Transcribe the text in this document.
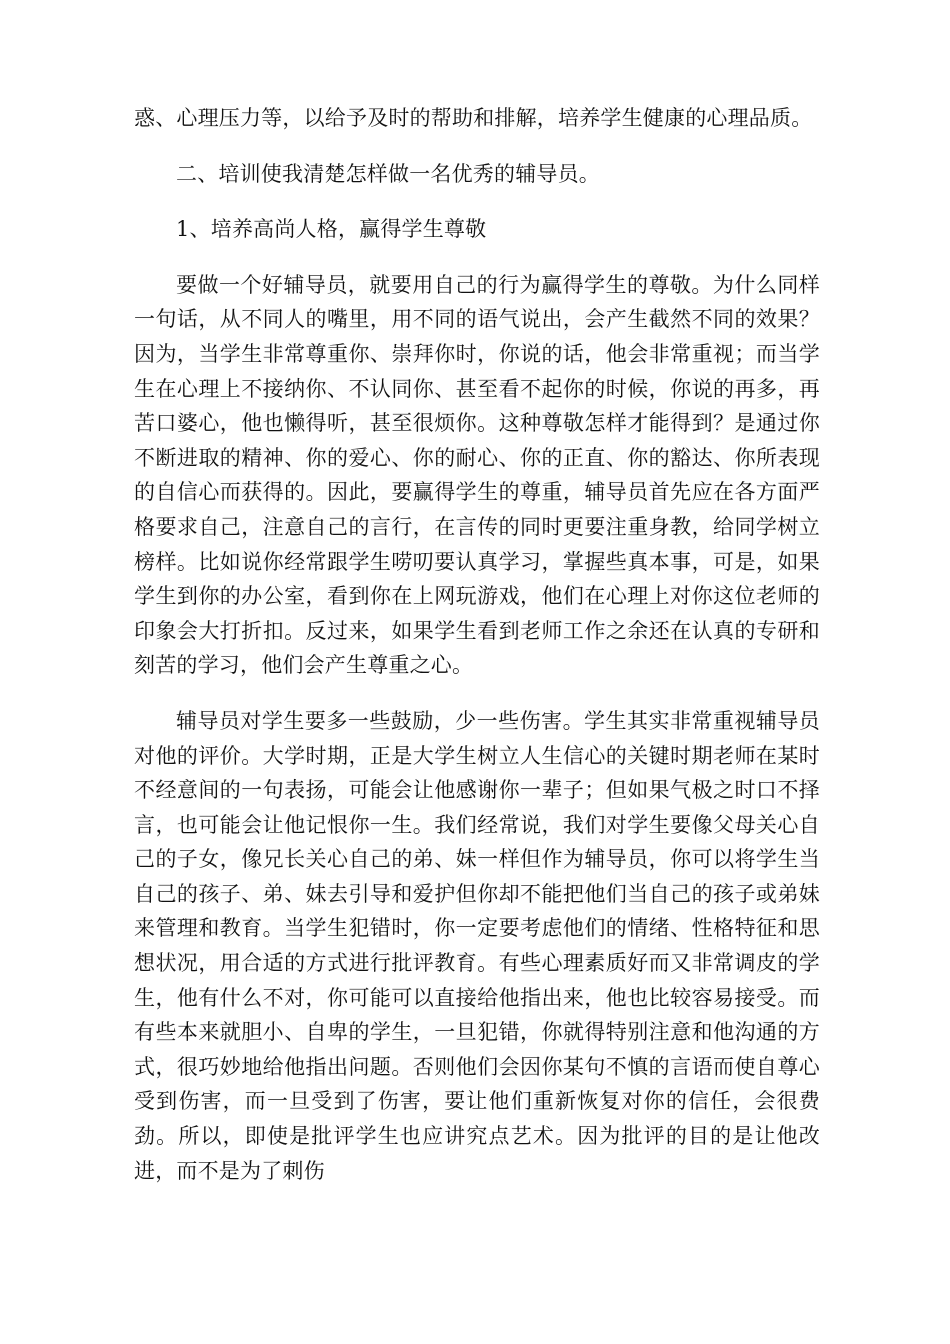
惑、心理压力等，以给予及时的帮助和排解，培养学生健康的心理品质。

二、培训使我清楚怎样做一名优秀的辅导员。

1、培养高尚人格，赢得学生尊敬

要做一个好辅导员，就要用自己的行为赢得学生的尊敬。为什么同样一句话，从不同人的嘴里，用不同的语气说出，会产生截然不同的效果？因为，当学生非常尊重你、崇拜你时，你说的话，他会非常重视；而当学生在心理上不接纳你、不认同你、甚至看不起你的时候，你说的再多，再苦口婆心，他也懒得听，甚至很烦你。这种尊敬怎样才能得到？是通过你不断进取的精神、你的爱心、你的耐心、你的正直、你的豁达、你所表现的自信心而获得的。因此，要赢得学生的尊重，辅导员首先应在各方面严格要求自己，注意自己的言行，在言传的同时更要注重身教，给同学树立榜样。比如说你经常跟学生唠叨要认真学习，掌握些真本事，可是，如果学生到你的办公室，看到你在上网玩游戏，他们在心理上对你这位老师的印象会大打折扣。反过来，如果学生看到老师工作之余还在认真的专研和刻苦的学习，他们会产生尊重之心。

辅导员对学生要多一些鼓励，少一些伤害。学生其实非常重视辅导员对他的评价。大学时期，正是大学生树立人生信心的关键时期老师在某时不经意间的一句表扬，可能会让他感谢你一辈子；但如果气极之时口不择言，也可能会让他记恨你一生。我们经常说，我们对学生要像父母关心自己的子女，像兄长关心自己的弟、妹一样但作为辅导员，你可以将学生当自己的孩子、弟、妹去引导和爱护但你却不能把他们当自己的孩子或弟妹来管理和教育。当学生犯错时，你一定要考虑他们的情绪、性格特征和思想状况，用合适的方式进行批评教育。有些心理素质好而又非常调皮的学生，他有什么不对，你可能可以直接给他指出来，他也比较容易接受。而有些本来就胆小、自卑的学生，一旦犯错，你就得特别注意和他沟通的方式，很巧妙地给他指出问题。否则他们会因你某句不慎的言语而使自尊心受到伤害，而一旦受到了伤害，要让他们重新恢复对你的信任，会很费劲。所以，即使是批评学生也应讲究点艺术。因为批评的目的是让他改进，而不是为了刺伤
